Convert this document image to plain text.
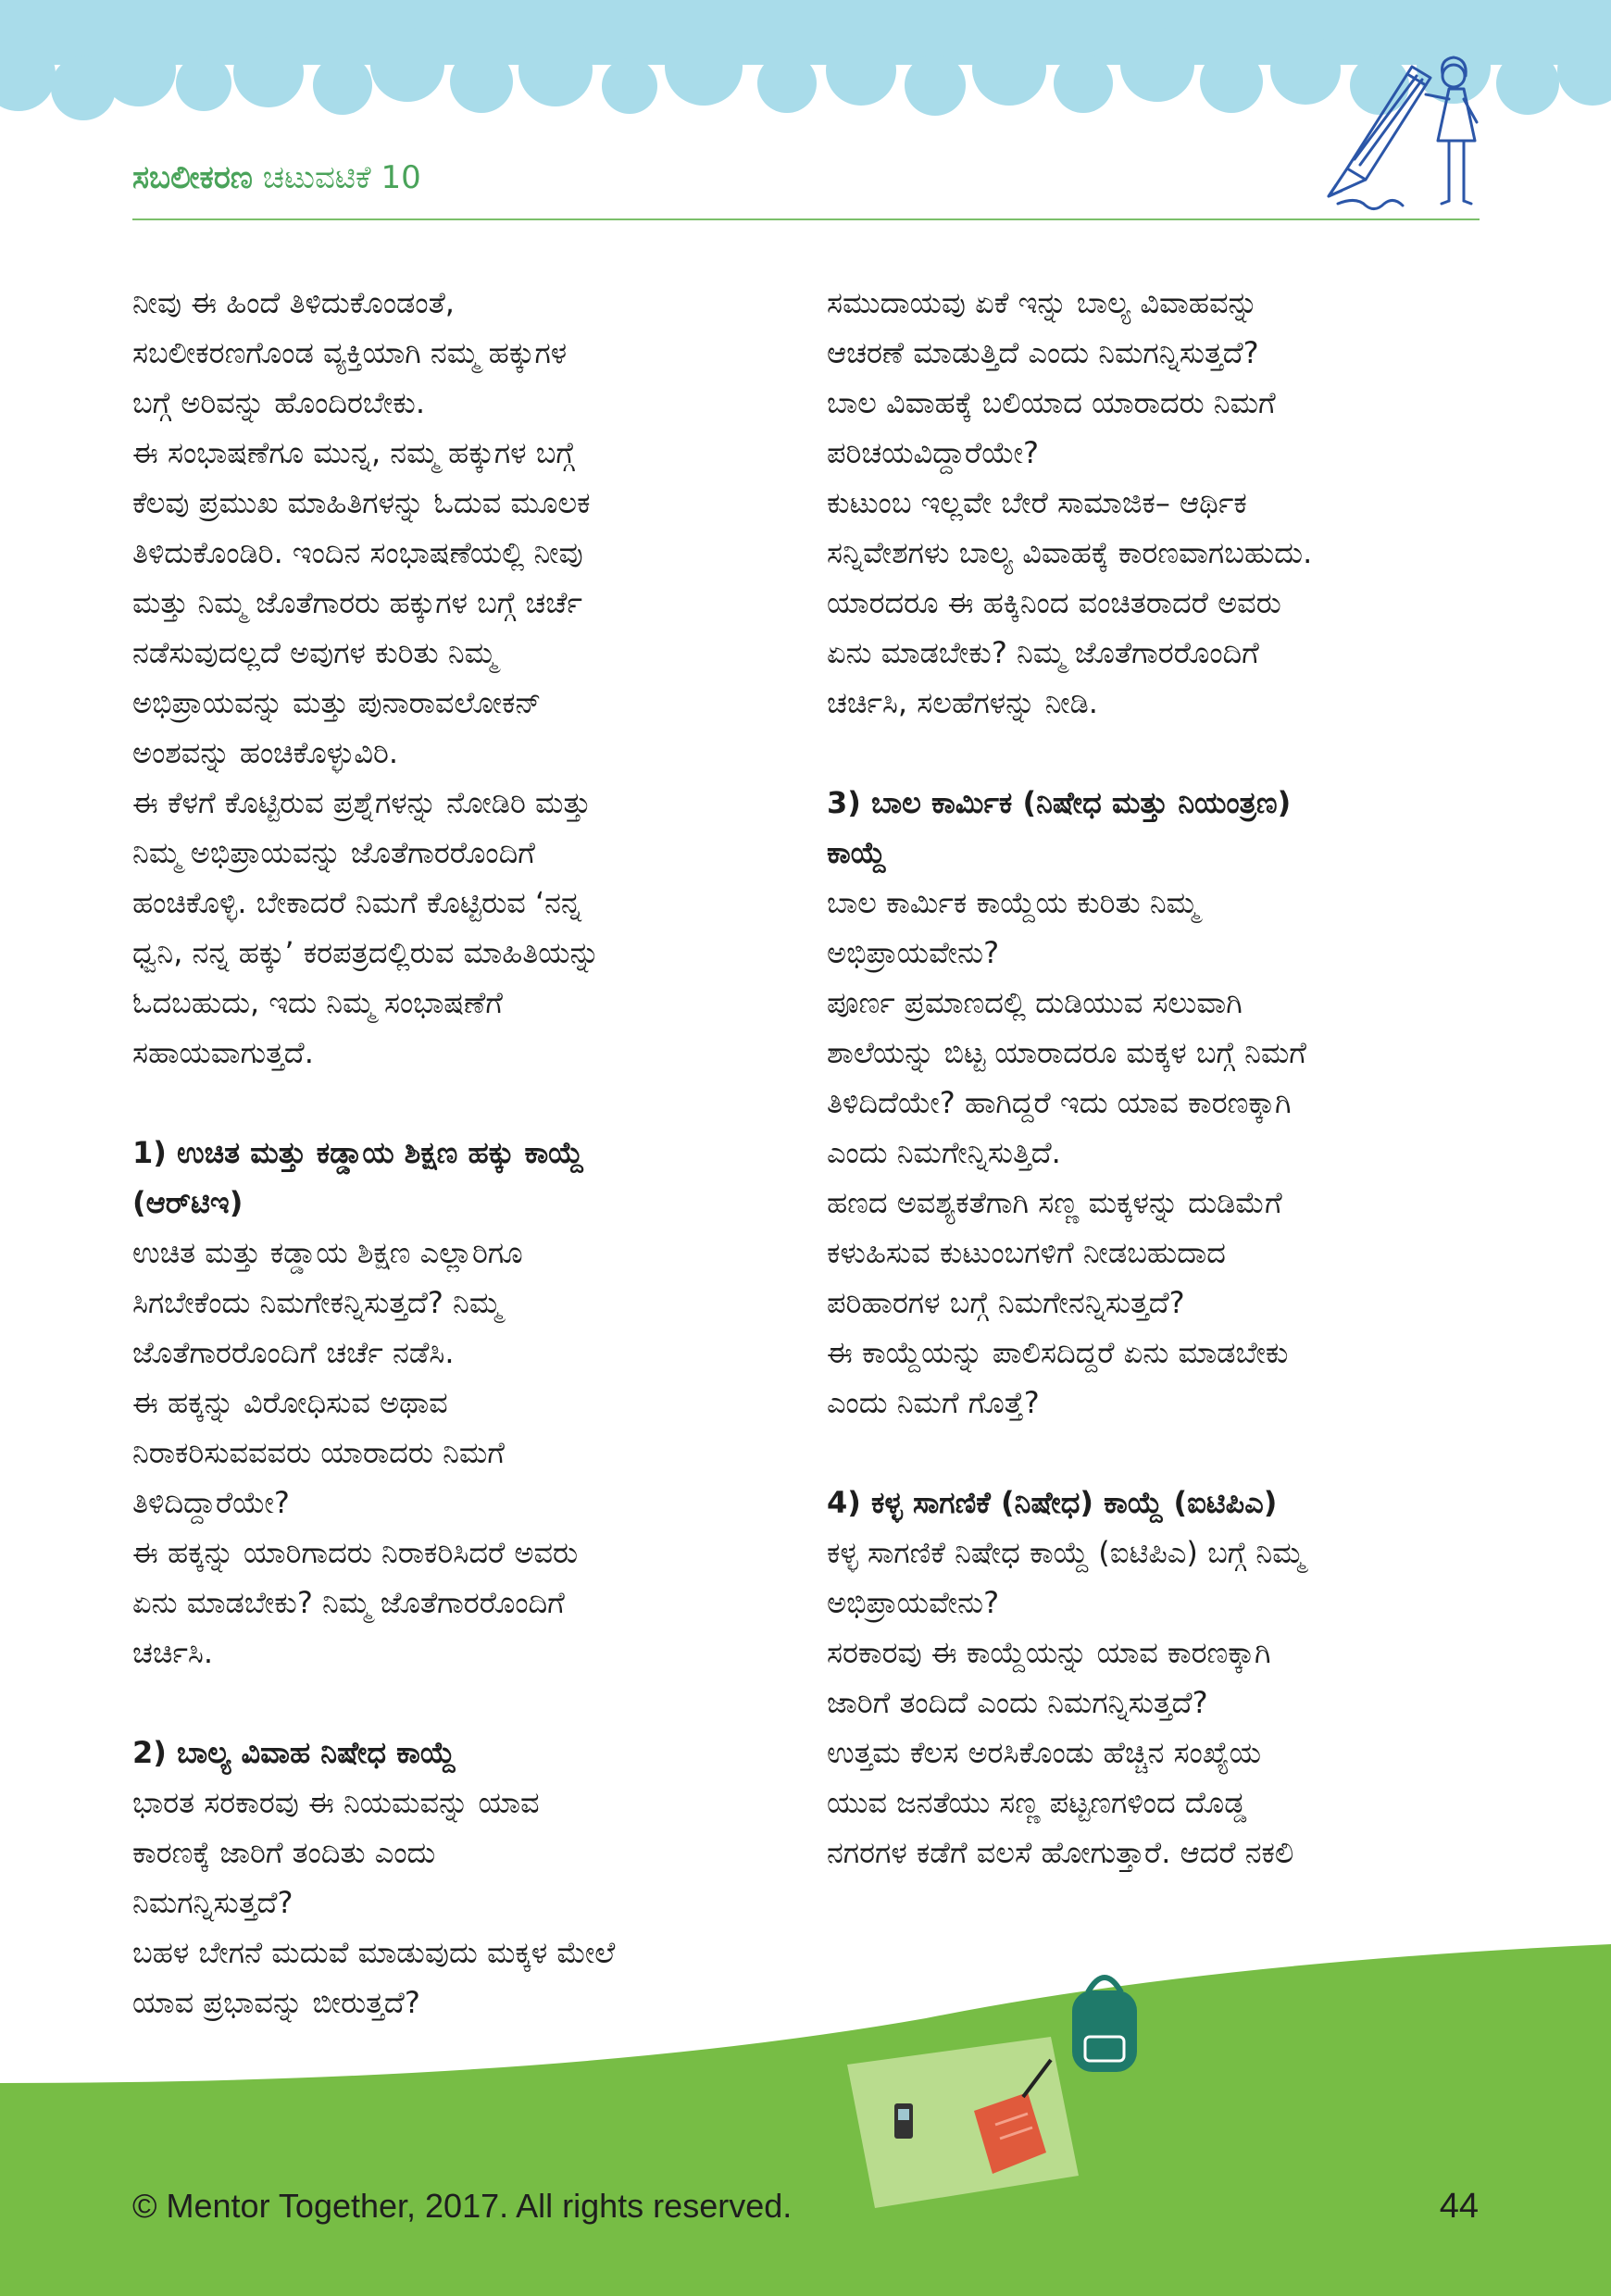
ಸಬಲೀಕರಣ ಚಟುವಟಿಕೆ 10

ನೀವು ಈ ಹಿಂದೆ ತಿಳಿದುಕೊಂಡಂತೆ,

ಸಬಲೀಕರಣಗೊಂಡ ವ್ಯಕ್ತಿಯಾಗಿ ನಮ್ಮ ಹಕ್ಕುಗಳ

ಬಗ್ಗೆ ಅರಿವನ್ನು ಹೊಂದಿರಬೇಕು.

ಈ ಸಂಭಾಷಣೆಗೂ ಮುನ್ನ, ನಮ್ಮ ಹಕ್ಕುಗಳ ಬಗ್ಗೆ

ಕೆಲವು ಪ್ರಮುಖ ಮಾಹಿತಿಗಳನ್ನು ಓದುವ ಮೂಲಕ

ತಿಳಿದುಕೊಂಡಿರಿ. ಇಂದಿನ ಸಂಭಾಷಣೆಯಲ್ಲಿ ನೀವು

ಮತ್ತು ನಿಮ್ಮ ಜೊತೆಗಾರರು ಹಕ್ಕುಗಳ ಬಗ್ಗೆ ಚರ್ಚೆ

ನಡೆಸುವುದಲ್ಲದೆ ಅವುಗಳ ಕುರಿತು ನಿಮ್ಮ

ಅಭಿಪ್ರಾಯವನ್ನು ಮತ್ತು ಪುನಾರಾವಲೋಕನ್

ಅಂಶವನ್ನು ಹಂಚಿಕೊಳ್ಳುವಿರಿ.

ಈ ಕೆಳಗೆ ಕೊಟ್ಟಿರುವ ಪ್ರಶ್ನೆಗಳನ್ನು ನೋಡಿರಿ ಮತ್ತು

ನಿಮ್ಮ ಅಭಿಪ್ರಾಯವನ್ನು ಜೊತೆಗಾರರೊಂದಿಗೆ

ಹಂಚಿಕೊಳ್ಳಿ. ಬೇಕಾದರೆ ನಿಮಗೆ ಕೊಟ್ಟಿರುವ ‘ನನ್ನ

ಧ್ವನಿ, ನನ್ನ ಹಕ್ಕು’ ಕರಪತ್ರದಲ್ಲಿರುವ ಮಾಹಿತಿಯನ್ನು

ಓದಬಹುದು, ಇದು ನಿಮ್ಮ ಸಂಭಾಷಣೆಗೆ

ಸಹಾಯವಾಗುತ್ತದೆ.

1) ಉಚಿತ ಮತ್ತು ಕಡ್ಡಾಯ ಶಿಕ್ಷಣ ಹಕ್ಕು ಕಾಯ್ದೆ

(ಆರ್‌ಟಿಇ)

ಉಚಿತ ಮತ್ತು ಕಡ್ಡಾಯ ಶಿಕ್ಷಣ ಎಲ್ಲಾರಿಗೂ

ಸಿಗಬೇಕೆಂದು ನಿಮಗೇಕನ್ನಿಸುತ್ತದೆ? ನಿಮ್ಮ

ಜೊತೆಗಾರರೊಂದಿಗೆ ಚರ್ಚೆ ನಡೆಸಿ.

ಈ ಹಕ್ಕನ್ನು ವಿರೋಧಿಸುವ ಅಥಾವ

ನಿರಾಕರಿಸುವವವರು ಯಾರಾದರು ನಿಮಗೆ

ತಿಳಿದಿದ್ದಾರೆಯೇ?

ಈ ಹಕ್ಕನ್ನು ಯಾರಿಗಾದರು ನಿರಾಕರಿಸಿದರೆ ಅವರು

ಏನು ಮಾಡಬೇಕು? ನಿಮ್ಮ ಜೊತೆಗಾರರೊಂದಿಗೆ

ಚರ್ಚಿಸಿ.

2) ಬಾಲ್ಯ ವಿವಾಹ ನಿಷೇಧ ಕಾಯ್ದೆ

ಭಾರತ ಸರಕಾರವು ಈ ನಿಯಮವನ್ನು ಯಾವ

ಕಾರಣಕ್ಕೆ ಜಾರಿಗೆ ತಂದಿತು ಎಂದು

ನಿಮಗನ್ನಿಸುತ್ತದೆ?

ಬಹಳ ಬೇಗನೆ ಮದುವೆ ಮಾಡುವುದು ಮಕ್ಕಳ ಮೇಲೆ

ಯಾವ ಪ್ರಭಾವನ್ನು ಬೀರುತ್ತದೆ?

ಸಮುದಾಯವು ಏಕೆ ಇನ್ನು ಬಾಲ್ಯ ವಿವಾಹವನ್ನು

ಆಚರಣೆ ಮಾಡುತ್ತಿದೆ ಎಂದು ನಿಮಗನ್ನಿಸುತ್ತದೆ?

ಬಾಲ ವಿವಾಹಕ್ಕೆ ಬಲಿಯಾದ ಯಾರಾದರು ನಿಮಗೆ

ಪರಿಚಯವಿದ್ದಾರೆಯೇ?

ಕುಟುಂಬ ಇಲ್ಲವೇ ಬೇರೆ ಸಾಮಾಜಿಕ– ಆರ್ಥಿಕ

ಸನ್ನಿವೇಶಗಳು ಬಾಲ್ಯ ವಿವಾಹಕ್ಕೆ ಕಾರಣವಾಗಬಹುದು.

ಯಾರದರೂ ಈ ಹಕ್ಕಿನಿಂದ ವಂಚಿತರಾದರೆ ಅವರು

ಏನು ಮಾಡಬೇಕು? ನಿಮ್ಮ ಜೊತೆಗಾರರೊಂದಿಗೆ

ಚರ್ಚಿಸಿ, ಸಲಹೆಗಳನ್ನು ನೀಡಿ.

3) ಬಾಲ ಕಾರ್ಮಿಕ (ನಿಷೇಧ ಮತ್ತು ನಿಯಂತ್ರಣ)

ಕಾಯ್ದೆ

ಬಾಲ ಕಾರ್ಮಿಕ ಕಾಯ್ದೆಯ ಕುರಿತು ನಿಮ್ಮ

ಅಭಿಪ್ರಾಯವೇನು?

ಪೂರ್ಣ ಪ್ರಮಾಣದಲ್ಲಿ ದುಡಿಯುವ ಸಲುವಾಗಿ

ಶಾಲೆಯನ್ನು ಬಿಟ್ಟ ಯಾರಾದರೂ ಮಕ್ಕಳ ಬಗ್ಗೆ ನಿಮಗೆ

ತಿಳಿದಿದೆಯೇ? ಹಾಗಿದ್ದರೆ ಇದು ಯಾವ ಕಾರಣಕ್ಕಾಗಿ

ಎಂದು ನಿಮಗೇನ್ನಿಸುತ್ತಿದೆ.

ಹಣದ ಅವಶ್ಯಕತೆಗಾಗಿ ಸಣ್ಣ ಮಕ್ಕಳನ್ನು ದುಡಿಮೆಗೆ

ಕಳುಹಿಸುವ ಕುಟುಂಬಗಳಿಗೆ ನೀಡಬಹುದಾದ

ಪರಿಹಾರಗಳ ಬಗ್ಗೆ ನಿಮಗೇನನ್ನಿಸುತ್ತದೆ?

ಈ ಕಾಯ್ದೆಯನ್ನು ಪಾಲಿಸದಿದ್ದರೆ ಏನು ಮಾಡಬೇಕು

ಎಂದು ನಿಮಗೆ ಗೊತ್ತೆ?

4) ಕಳ್ಳ ಸಾಗಣಿಕೆ (ನಿಷೇಧ) ಕಾಯ್ದೆ (ಐಟಿಪಿಎ)

ಕಳ್ಳ ಸಾಗಣಿಕೆ ನಿಷೇಧ ಕಾಯ್ದೆ (ಐಟಿಪಿಎ) ಬಗ್ಗೆ ನಿಮ್ಮ

ಅಭಿಪ್ರಾಯವೇನು?

ಸರಕಾರವು ಈ ಕಾಯ್ದೆಯನ್ನು ಯಾವ ಕಾರಣಕ್ಕಾಗಿ

ಜಾರಿಗೆ ತಂದಿದೆ ಎಂದು ನಿಮಗನ್ನಿಸುತ್ತದೆ?

ಉತ್ತಮ ಕೆಲಸ ಅರಸಿಕೊಂಡು ಹೆಚ್ಚಿನ ಸಂಖ್ಯೆಯ

ಯುವ ಜನತೆಯು ಸಣ್ಣ ಪಟ್ಟಣಗಳಿಂದ ದೊಡ್ಡ

ನಗರಗಳ ಕಡೆಗೆ ವಲಸೆ ಹೋಗುತ್ತಾರೆ. ಆದರೆ ನಕಲಿ

© Mentor Together, 2017. All rights reserved.	44
